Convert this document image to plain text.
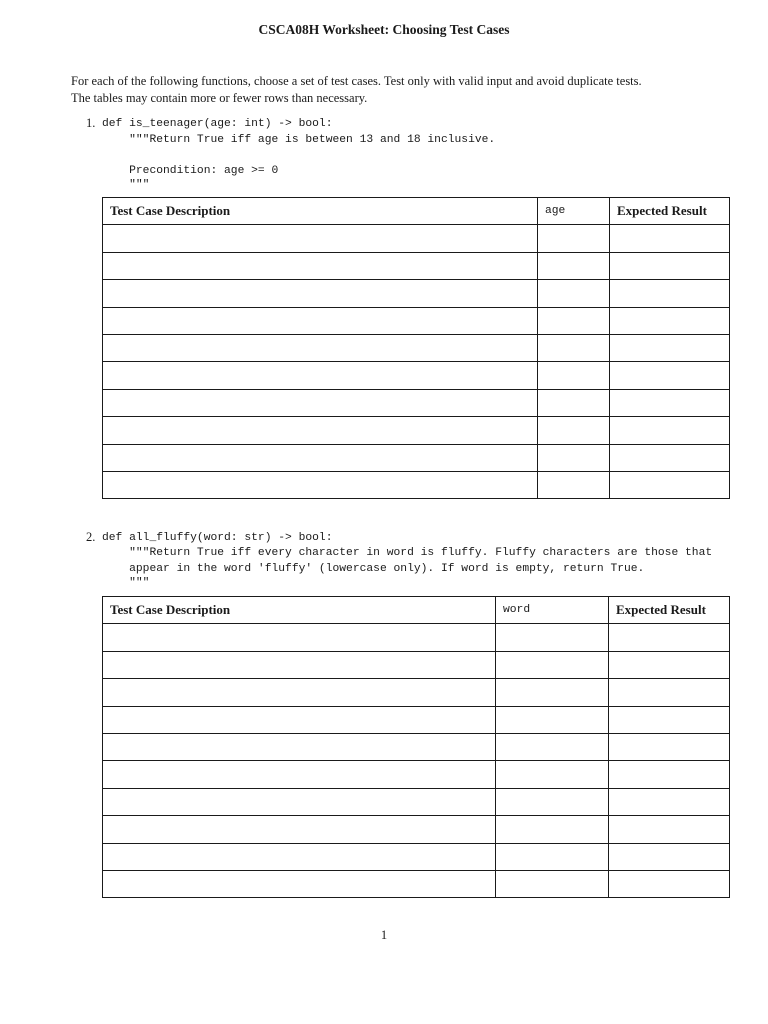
CSCA08H Worksheet: Choosing Test Cases
For each of the following functions, choose a set of test cases. Test only with valid input and avoid duplicate tests.
The tables may contain more or fewer rows than necessary.
1. def is_teenager(age: int) -> bool:
"""Return True iff age is between 13 and 18 inclusive.
Precondition: age >= 0
"""
Test Case Description	age	Expected Result

2. def all_fluffy(word: str) -> bool:
"""Return True iff every character in word is fluffy. Fluffy characters are those that
appear in the word 'fluffy' (lowercase only). If word is empty, return True.
"""
Test Case Description	word	Expected Result

1
